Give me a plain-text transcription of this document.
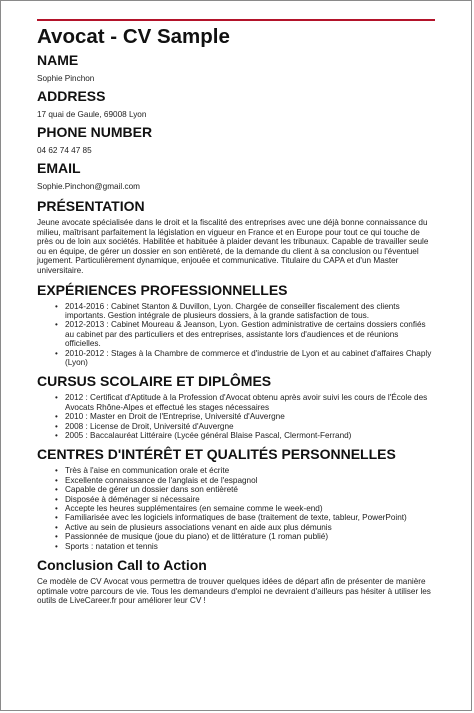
Avocat - CV Sample
NAME
Sophie Pinchon
ADDRESS
17 quai de Gaule, 69008 Lyon
PHONE NUMBER
04 62 74 47 85
EMAIL
Sophie.Pinchon@gmail.com
PRÉSENTATION

Jeune avocate spécialisée dans le droit et la fiscalité des entreprises avec une déjà bonne connaissance du milieu, maîtrisant parfaitement la législation en vigueur en France et en Europe pour tout ce qui touche de près ou de loin aux sociétés. Habilitée et habituée à plaider devant les tribunaux. Capable de travailler seule ou en équipe, de gérer un dossier en son entièreté, de la demande du client à sa conclusion ou l'éventuel jugement. Particulièrement dynamique, enjouée et communicative. Titulaire du CAPA et d'un Master universitaire.

EXPÉRIENCES PROFESSIONNELLES
• 2014-2016 : Cabinet Stanton & Duvillon, Lyon. Chargée de conseiller fiscalement des clients importants. Gestion intégrale de plusieurs dossiers, à la grande satisfaction de tous.
• 2012-2013 : Cabinet Moureau & Jeanson, Lyon. Gestion administrative de certains dossiers confiés au cabinet par des particuliers et des entreprises, assistante lors d'audiences et de réunions officielles.
• 2010-2012 : Stages à la Chambre de commerce et d'industrie de Lyon et au cabinet d'affaires Chaply (Lyon)
CURSUS SCOLAIRE ET DIPLÔMES
• 2012 : Certificat d'Aptitude à la Profession d'Avocat obtenu après avoir suivi les cours de l'École des Avocats Rhône-Alpes et effectué les stages nécessaires
• 2010 : Master en Droit de l'Entreprise, Université d'Auvergne
• 2008 : License de Droit, Université d'Auvergne
• 2005 : Baccalauréat Littéraire (Lycée général Blaise Pascal, Clermont-Ferrand)
CENTRES D'INTÉRÊT ET QUALITÉS PERSONNELLES
• Très à l'aise en communication orale et écrite
• Excellente connaissance de l'anglais et de l'espagnol
• Capable de gérer un dossier dans son entièreté
• Disposée à déménager si nécessaire
• Accepte les heures supplémentaires (en semaine comme le week-end)
• Familiarisée avec les logiciels informatiques de base (traitement de texte, tableur, PowerPoint)
• Active au sein de plusieurs associations venant en aide aux plus démunis
• Passionnée de musique (joue du piano) et de littérature (1 roman publié)
• Sports : natation et tennis
Conclusion Call to Action

Ce modèle de CV Avocat vous permettra de trouver quelques idées de départ afin de présenter de manière optimale votre parcours de vie. Tous les demandeurs d'emploi ne devraient d'ailleurs pas hésiter à utiliser les outils de LiveCareer.fr pour améliorer leur CV !
